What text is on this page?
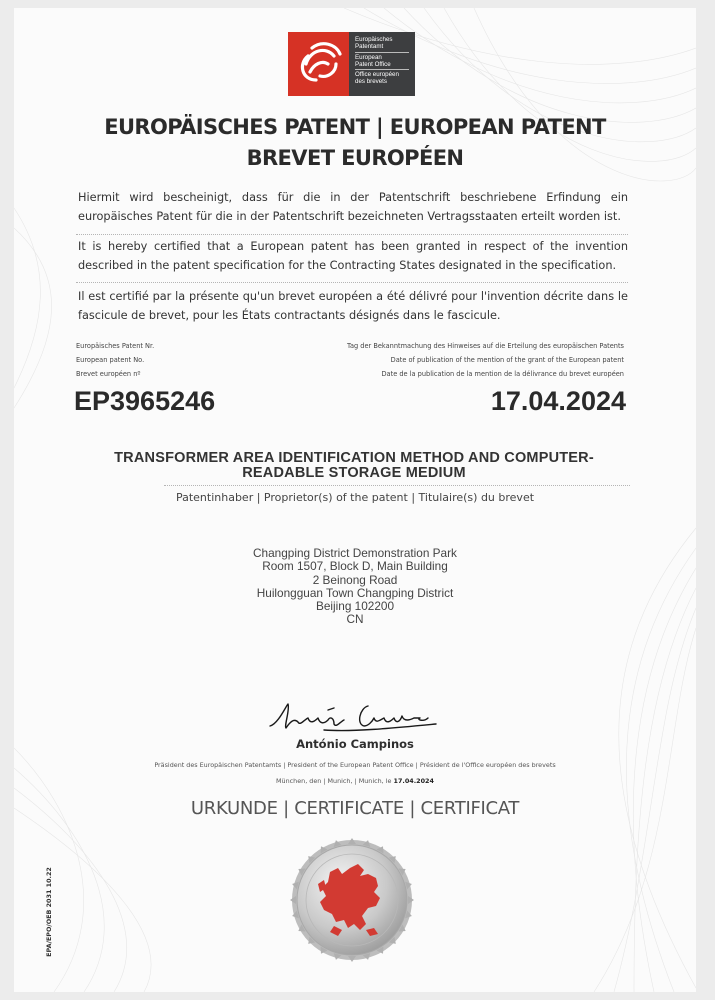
Europäisches
Patentamt
European
Patent Office
Office européen
des brevets
EUROPÄISCHES PATENT | EUROPEAN PATENT
BREVET EUROPÉEN
Hiermit wird bescheinigt, dass für die in der Patentschrift beschriebene Erfindung ein europäisches Patent für die in der Patentschrift bezeichneten Vertragsstaaten erteilt worden ist.
It is hereby certified that a European patent has been granted in respect of the invention described in the patent specification for the Contracting States designated in the specification.
Il est certifié par la présente qu'un brevet européen a été délivré pour l'invention décrite dans le fascicule de brevet, pour les États contractants désignés dans le fascicule.
Europäisches Patent Nr.
European patent No.
Brevet européen nº
Tag der Bekanntmachung des Hinweises auf die Erteilung des europäischen Patents
Date of publication of the mention of the grant of the European patent
Date de la publication de la mention de la délivrance du brevet européen
EP3965246	17.04.2024
TRANSFORMER AREA IDENTIFICATION METHOD AND COMPUTER-
READABLE STORAGE MEDIUM
Patentinhaber | Proprietor(s) of the patent | Titulaire(s) du brevet
Changping District Demonstration Park
Room 1507, Block D, Main Building
2 Beinong Road
Huilongguan Town Changping District
Beijing 102200
CN
António Campinos
Präsident des Europäischen Patentamts | President of the European Patent Office | Président de l'Office européen des brevets
München, den | Munich, | Munich, le 17.04.2024
URKUNDE | CERTIFICATE | CERTIFICAT
EPA/EPO/OEB 2031 10.22
